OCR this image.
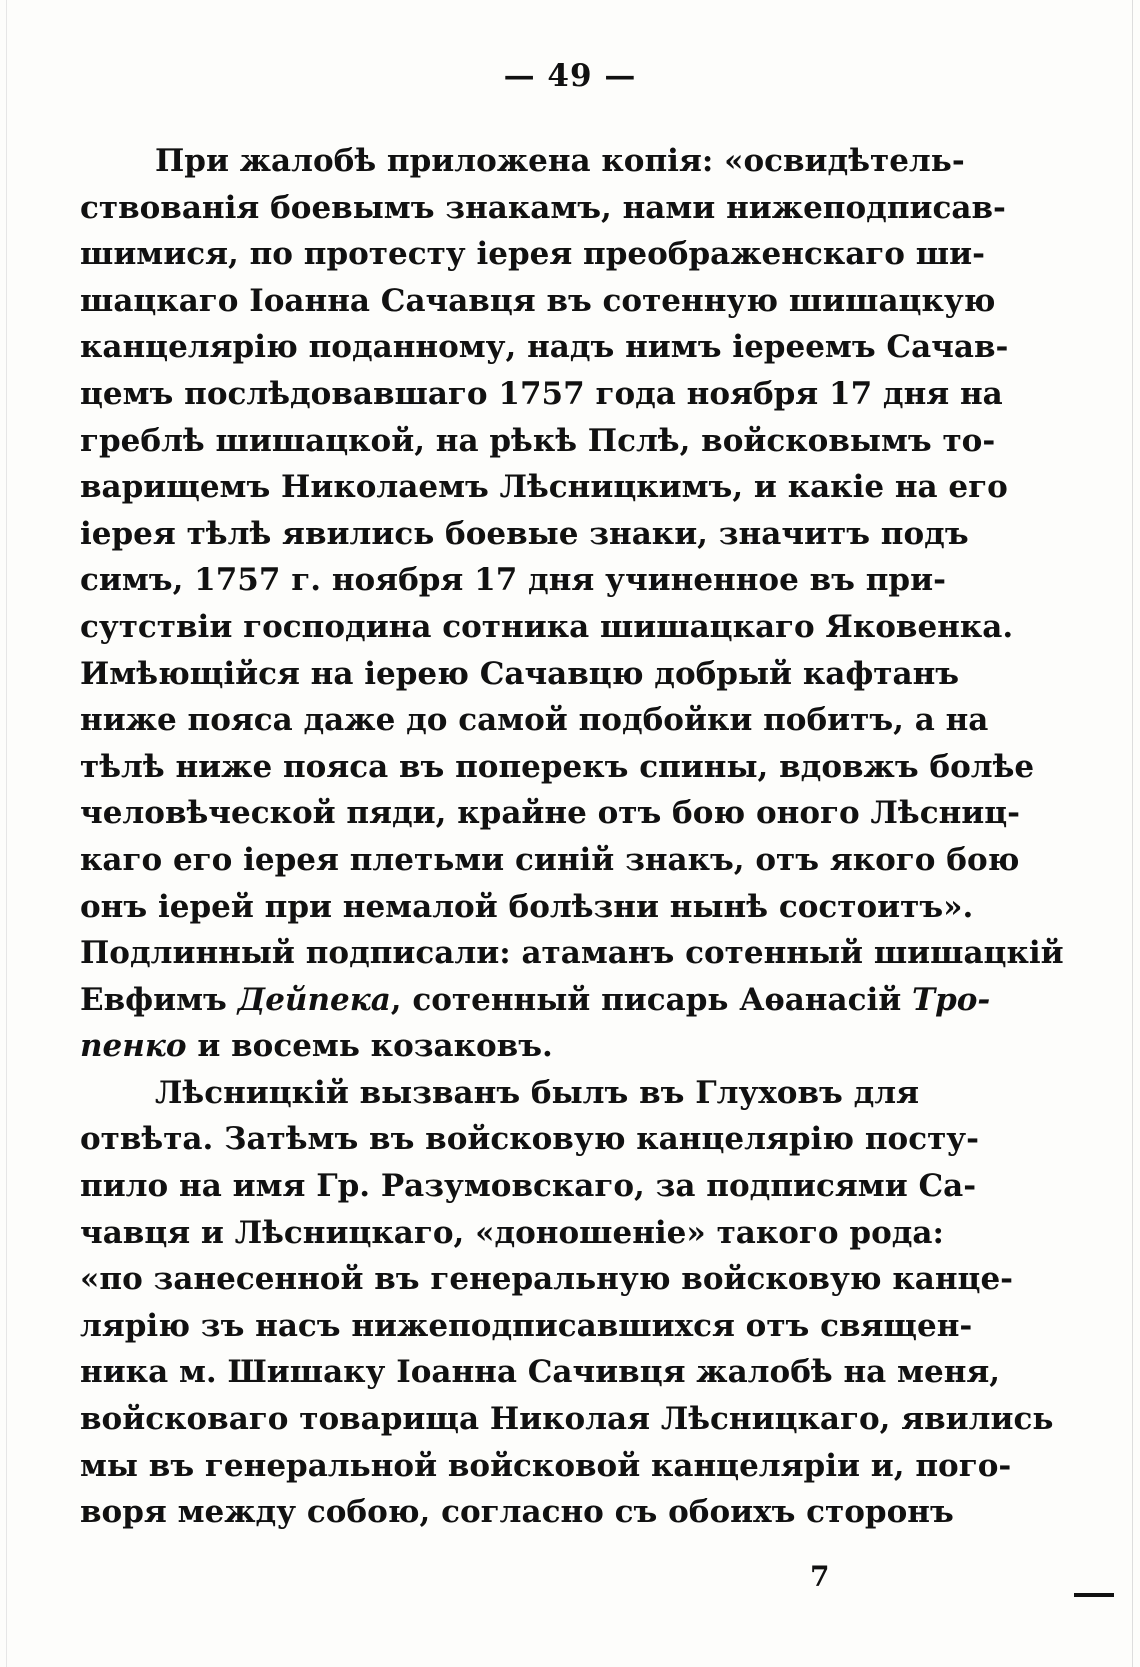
— 49 —
При жалобѣ приложена копія: «освидѣтель-
ствованія боевымъ знакамъ, нами нижеподписав-
шимися, по протесту іерея преображенскаго ши-
шацкаго Іоанна Сачавця въ сотенную шишацкую
канцелярію поданному, надъ нимъ іереемъ Сачав-
цемъ послѣдовавшаго 1757 года ноября 17 дня на
греблѣ шишацкой, на рѣкѣ Пслѣ, войсковымъ то-
варищемъ Николаемъ Лѣсницкимъ, и какіе на его
іерея тѣлѣ явились боевые знаки, значитъ подъ
симъ, 1757 г. ноября 17 дня учиненное въ при-
сутствіи господина сотника шишацкаго Яковенка.
Имѣющійся на іерею Сачавцю добрый кафтанъ
ниже пояса даже до самой подбойки побитъ, а на
тѣлѣ ниже пояса въ поперекъ спины, вдовжъ болѣе
человѣческой пяди, крайне отъ бою оного Лѣсниц-
каго его іерея плетьми синій знакъ, отъ якого бою
онъ іерей при немалой болѣзни нынѣ состоитъ».
Подлинный подписали: атаманъ сотенный шишацкій
Евфимъ Дейпека, сотенный писарь Аѳанасій Тро-
пенко и восемь козаковъ.
Лѣсницкій вызванъ былъ въ Глуховъ для
отвѣта. Затѣмъ въ войсковую канцелярію посту-
пило на имя Гр. Разумовскаго, за подписями Са-
чавця и Лѣсницкаго, «доношеніе» такого рода:
«по занесенной въ генеральную войсковую канце-
лярію зъ насъ нижеподписавшихся отъ священ-
ника м. Шишаку Іоанна Сачивця жалобѣ на меня,
войсковаго товарища Николая Лѣсницкаго, явились
мы въ генеральной войсковой канцеляріи и, пого-
воря между собою, согласно съ обоихъ сторонъ
7
